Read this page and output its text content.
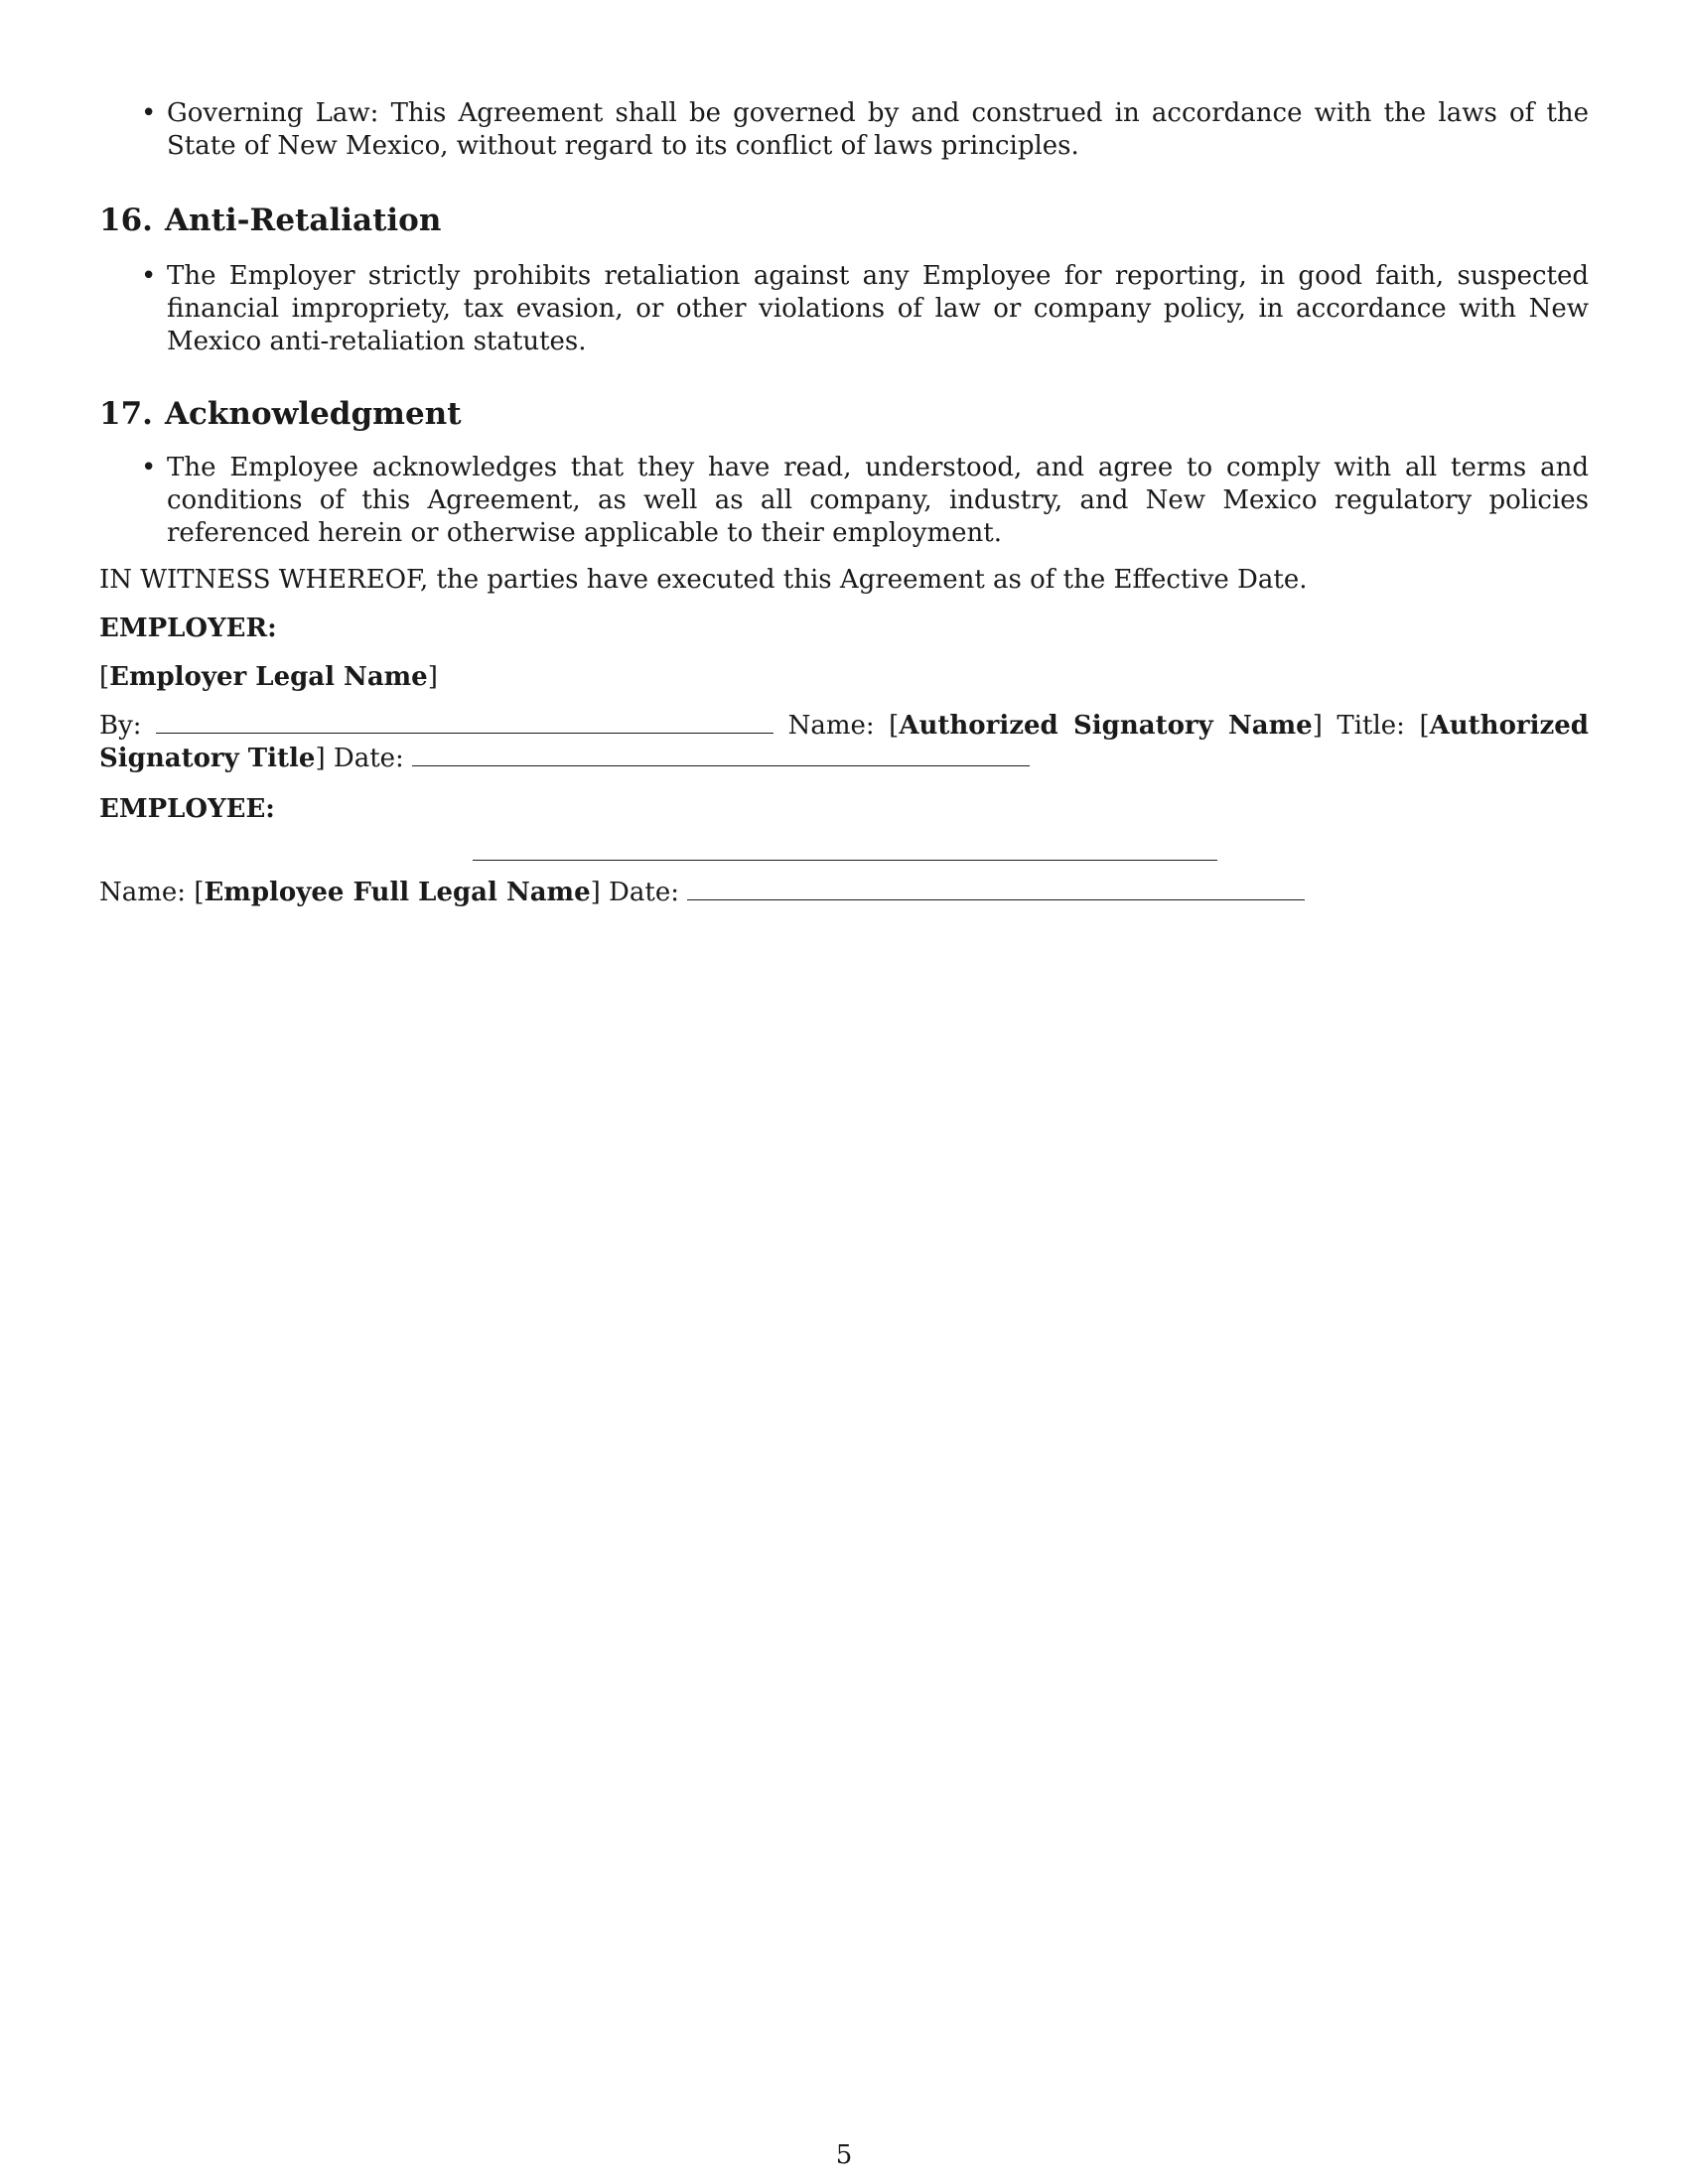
• Governing Law: This Agreement shall be governed by and construed in accordance with the laws of the State of New Mexico, without regard to its conflict of laws principles.
16. Anti-Retaliation
• The Employer strictly prohibits retaliation against any Employee for reporting, in good faith, suspected financial impropriety, tax evasion, or other violations of law or company policy, in accordance with New Mexico anti-retaliation statutes.
17. Acknowledgment
• The Employee acknowledges that they have read, understood, and agree to comply with all terms and conditions of this Agreement, as well as all company, industry, and New Mexico regulatory policies referenced herein or otherwise applicable to their employment.
IN WITNESS WHEREOF, the parties have executed this Agreement as of the Effective Date.
EMPLOYER:
[Employer Legal Name]
By:	Name: [Authorized Signatory Name] Title: [Authorized Signatory Title] Date:
EMPLOYEE:
Name: [Employee Full Legal Name] Date:
5
